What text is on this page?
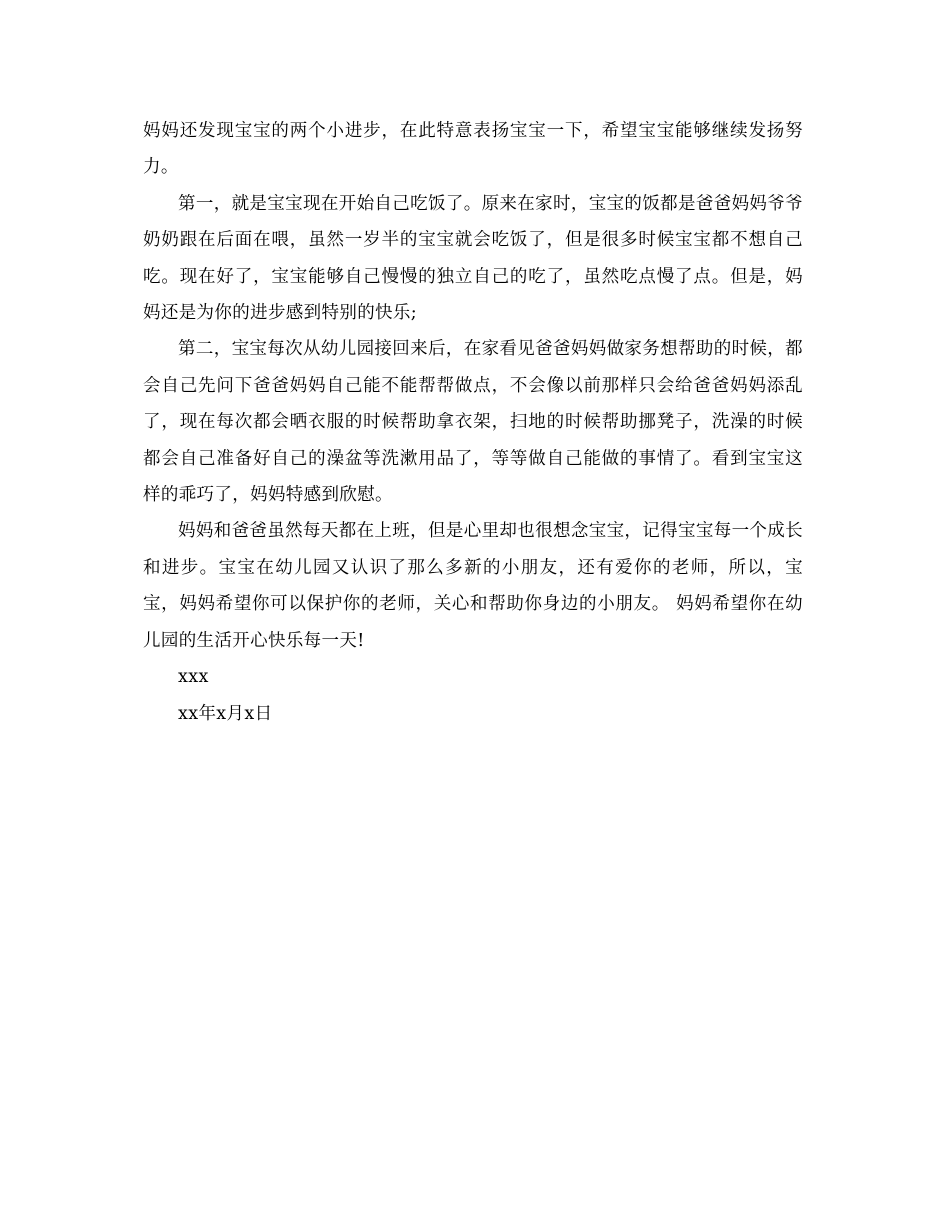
妈妈还发现宝宝的两个小进步，在此特意表扬宝宝一下，希望宝宝能够继续发扬努力。

第一，就是宝宝现在开始自己吃饭了。原来在家时，宝宝的饭都是爸爸妈妈爷爷奶奶跟在后面在喂，虽然一岁半的宝宝就会吃饭了，但是很多时候宝宝都不想自己吃。现在好了，宝宝能够自己慢慢的独立自己的吃了，虽然吃点慢了点。但是，妈妈还是为你的进步感到特别的快乐;

第二，宝宝每次从幼儿园接回来后，在家看见爸爸妈妈做家务想帮助的时候，都会自己先问下爸爸妈妈自己能不能帮帮做点，不会像以前那样只会给爸爸妈妈添乱了，现在每次都会晒衣服的时候帮助拿衣架，扫地的时候帮助挪凳子，洗澡的时候都会自己准备好自己的澡盆等洗漱用品了，等等做自己能做的事情了。看到宝宝这样的乖巧了，妈妈特感到欣慰。

妈妈和爸爸虽然每天都在上班，但是心里却也很想念宝宝，记得宝宝每一个成长和进步。宝宝在幼儿园又认识了那么多新的小朋友，还有爱你的老师，所以，宝宝，妈妈希望你可以保护你的老师，关心和帮助你身边的小朋友。 妈妈希望你在幼儿园的生活开心快乐每一天!

xxx

xx年x月x日
